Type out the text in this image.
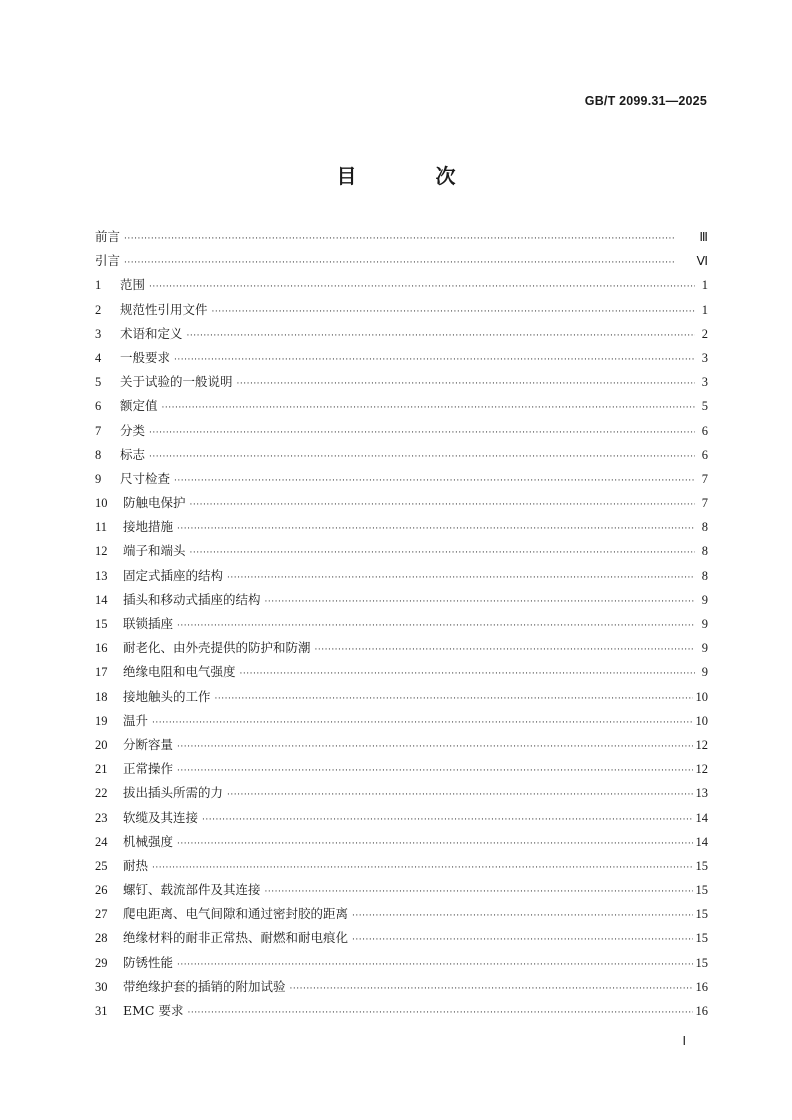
GB/T 2099.31—2025
目 次
前言 ·····	Ⅲ
引言 ·····	Ⅵ
1	范围 ·····	1
2	规范性引用文件 ·····	1
3	术语和定义 ·····	2
4	一般要求 ·····	3
5	关于试验的一般说明 ·····	3
6	额定值 ·····	5
7	分类 ·····	6
8	标志 ·····	6
9	尺寸检查 ·····	7
10	防触电保护 ·····	7
11	接地措施 ·····	8
12	端子和端头 ·····	8
13	固定式插座的结构 ·····	8
14	插头和移动式插座的结构 ·····	9
15	联锁插座 ·····	9
16	耐老化、由外壳提供的防护和防潮 ·····	9
17	绝缘电阻和电气强度 ·····	9
18	接地触头的工作 ·····	10
19	温升 ·····	10
20	分断容量 ·····	12
21	正常操作 ·····	12
22	拔出插头所需的力 ·····	13
23	软缆及其连接 ·····	14
24	机械强度 ·····	14
25	耐热 ·····	15
26	螺钉、载流部件及其连接 ·····	15
27	爬电距离、电气间隙和通过密封胶的距离 ·····	15
28	绝缘材料的耐非正常热、耐燃和耐电痕化 ·····	15
29	防锈性能 ·····	15
30	带绝缘护套的插销的附加试验 ·····	16
31	EMC 要求 ·····	16
Ⅰ
